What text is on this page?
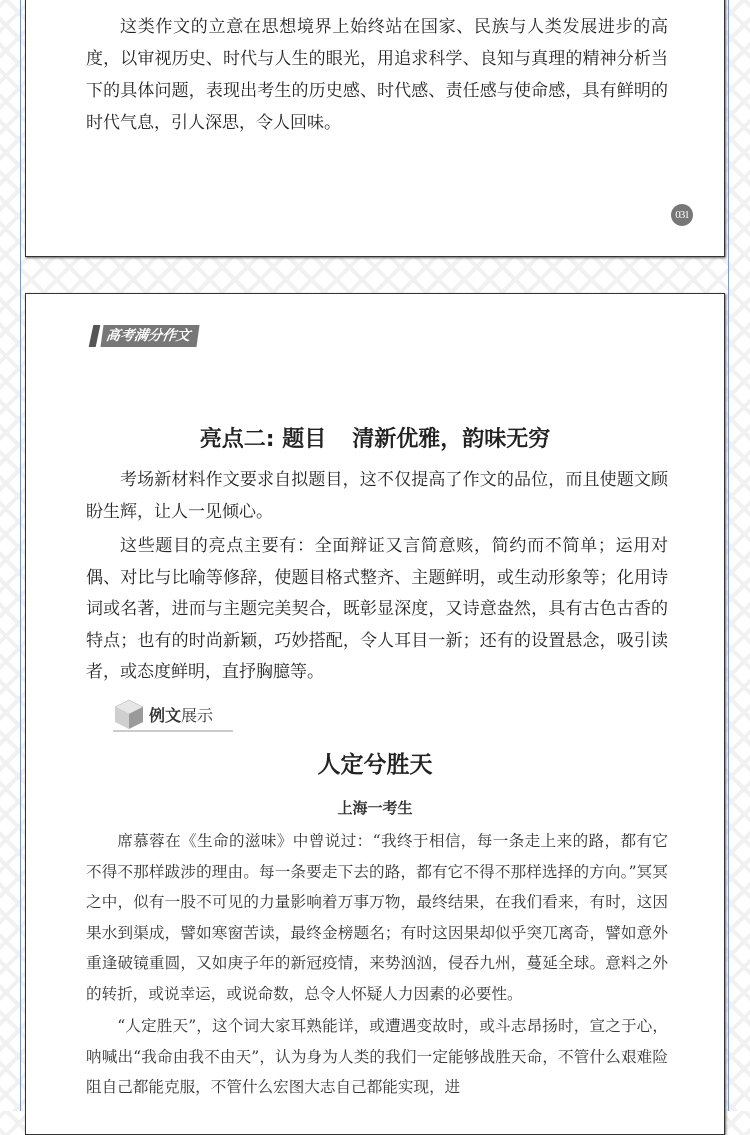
这类作文的立意在思想境界上始终站在国家、民族与人类发展进步的高度，以审视历史、时代与人生的眼光，用追求科学、良知与真理的精神分析当下的具体问题，表现出考生的历史感、时代感、责任感与使命感，具有鲜明的时代气息，引人深思，令人回味。

031
高考满分作文
亮点二: 题目 清新优雅，韵味无穷

考场新材料作文要求自拟题目，这不仅提高了作文的品位，而且使题文顾盼生辉，让人一见倾心。

这些题目的亮点主要有：全面辩证又言简意赅，简约而不简单；运用对偶、对比与比喻等修辞，使题目格式整齐、主题鲜明，或生动形象等；化用诗词或名著，进而与主题完美契合，既彰显深度，又诗意盎然，具有古色古香的特点；也有的时尚新颖，巧妙搭配，令人耳目一新；还有的设置悬念，吸引读者，或态度鲜明，直抒胸臆等。

例文展示
人定兮胜天
上海一考生

席慕蓉在《生命的滋味》中曾说过：“我终于相信，每一条走上来的路，都有它不得不那样跋涉的理由。每一条要走下去的路，都有它不得不那样选择的方向。”冥冥之中，似有一股不可见的力量影响着万事万物，最终结果，在我们看来，有时，这因果水到渠成，譬如寒窗苦读，最终金榜题名；有时这因果却似乎突兀离奇，譬如意外重逢破镜重圆，又如庚子年的新冠疫情，来势汹汹，侵吞九州，蔓延全球。意料之外的转折，或说幸运，或说命数，总令人怀疑人力因素的必要性。

“人定胜天”，这个词大家耳熟能详，或遭遇变故时，或斗志昂扬时，宣之于心，呐喊出“我命由我不由天”，认为身为人类的我们一定能够战胜天命，不管什么艰难险阻自己都能克服，不管什么宏图大志自己都能实现，进
